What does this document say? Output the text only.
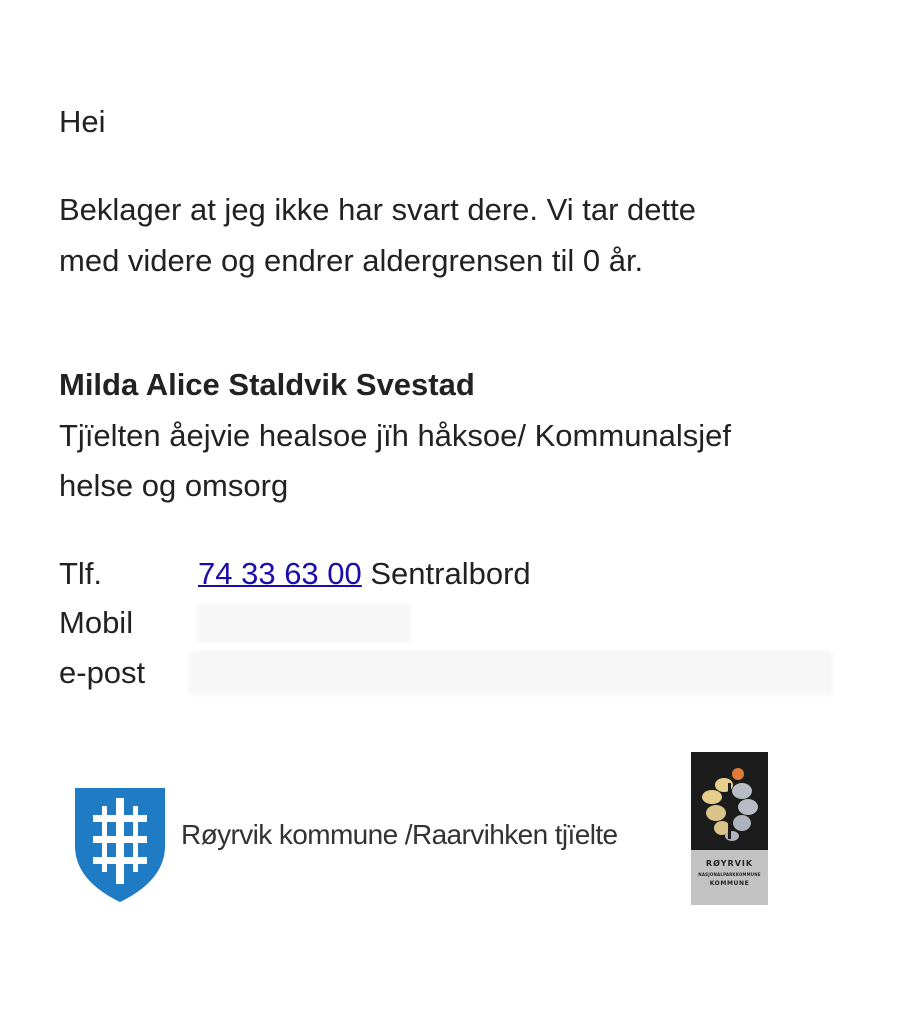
Hei
Beklager at jeg ikke har svart dere. Vi tar dette
med videre og endrer aldergrensen til 0 år.
Milda Alice Staldvik Svestad
Tjïelten åejvie healsoe jïh håksoe/ Kommunalsjef
helse og omsorg
Tlf.	74 33 63 00 Sentralbord
Mobil
e-post
Røyrvik kommune /Raarvihken tjïelte
RØYRVIK
NASJONALPARKKOMMUNE
KOMMUNE
